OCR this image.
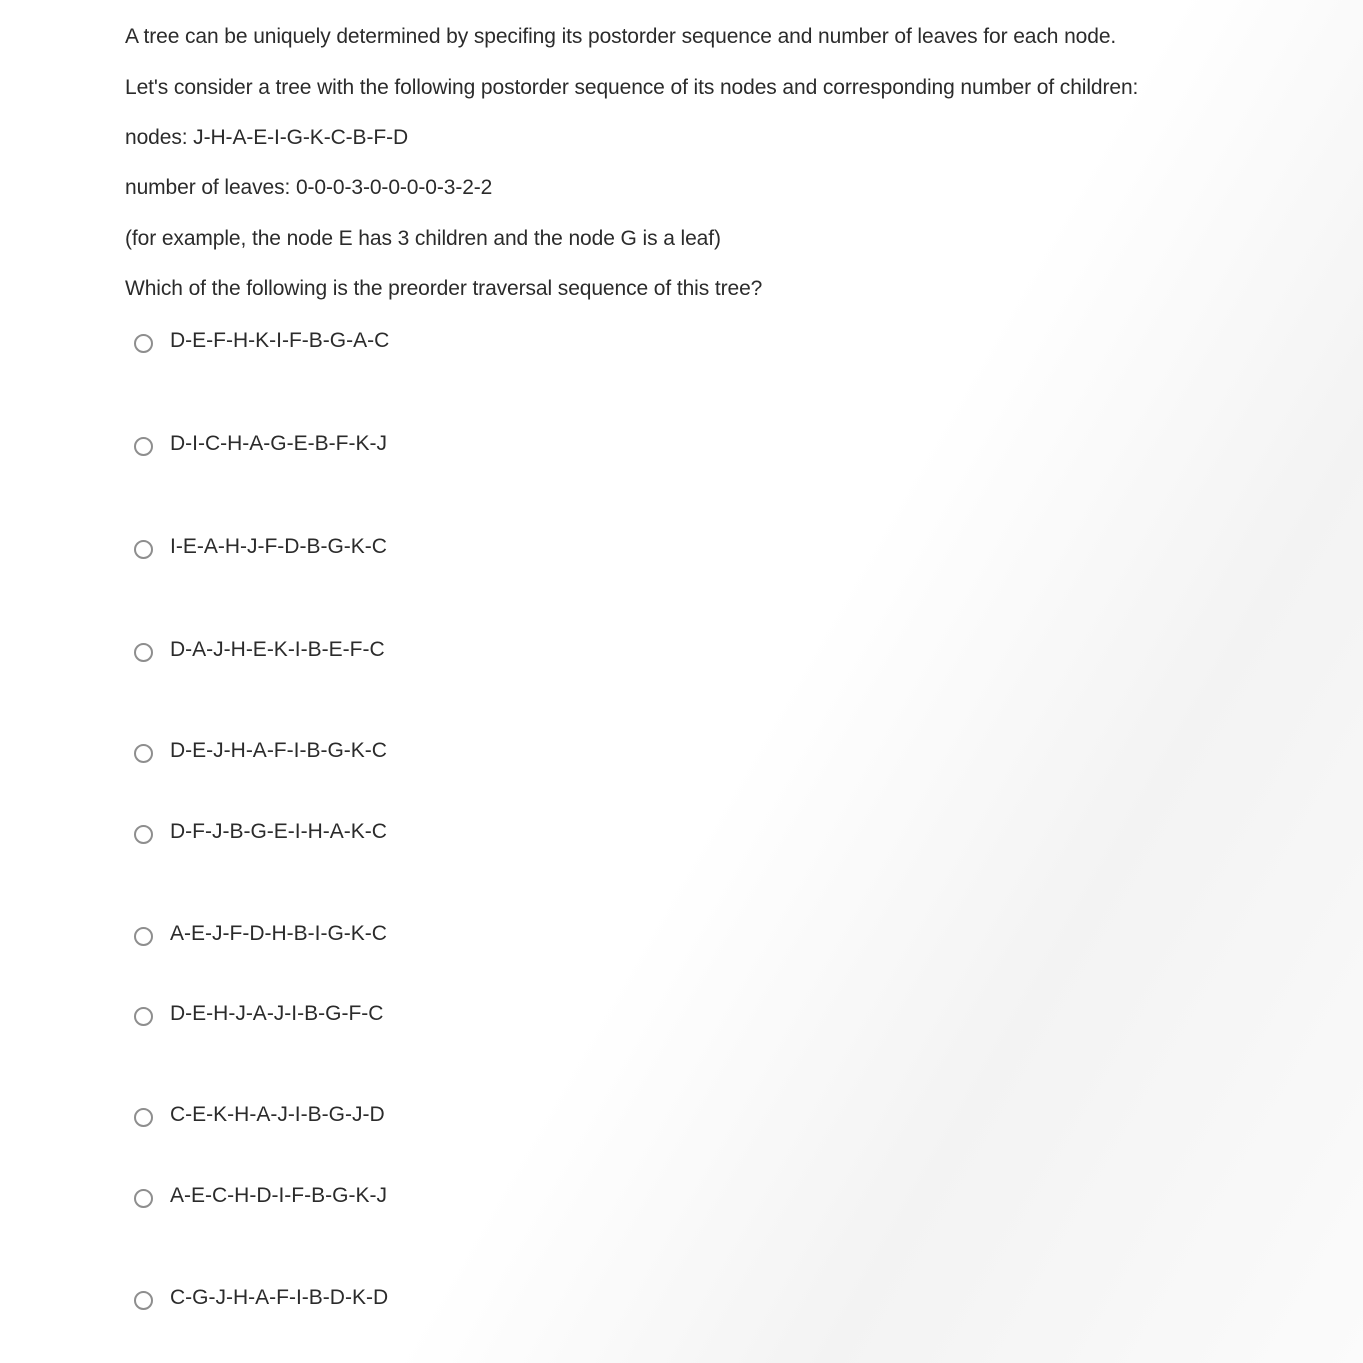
A tree can be uniquely determined by specifing its postorder sequence and number of leaves for each node.
Let's consider a tree with the following postorder sequence of its nodes and corresponding number of children:
nodes: J-H-A-E-I-G-K-C-B-F-D
number of leaves: 0-0-0-3-0-0-0-0-3-2-2
(for example, the node E has 3 children and the node G is a leaf)
Which of the following is the preorder traversal sequence of this tree?
D-E-F-H-K-I-F-B-G-A-C
D-I-C-H-A-G-E-B-F-K-J
I-E-A-H-J-F-D-B-G-K-C
D-A-J-H-E-K-I-B-E-F-C
D-E-J-H-A-F-I-B-G-K-C
D-F-J-B-G-E-I-H-A-K-C
A-E-J-F-D-H-B-I-G-K-C
D-E-H-J-A-J-I-B-G-F-C
C-E-K-H-A-J-I-B-G-J-D
A-E-C-H-D-I-F-B-G-K-J
C-G-J-H-A-F-I-B-D-K-D
